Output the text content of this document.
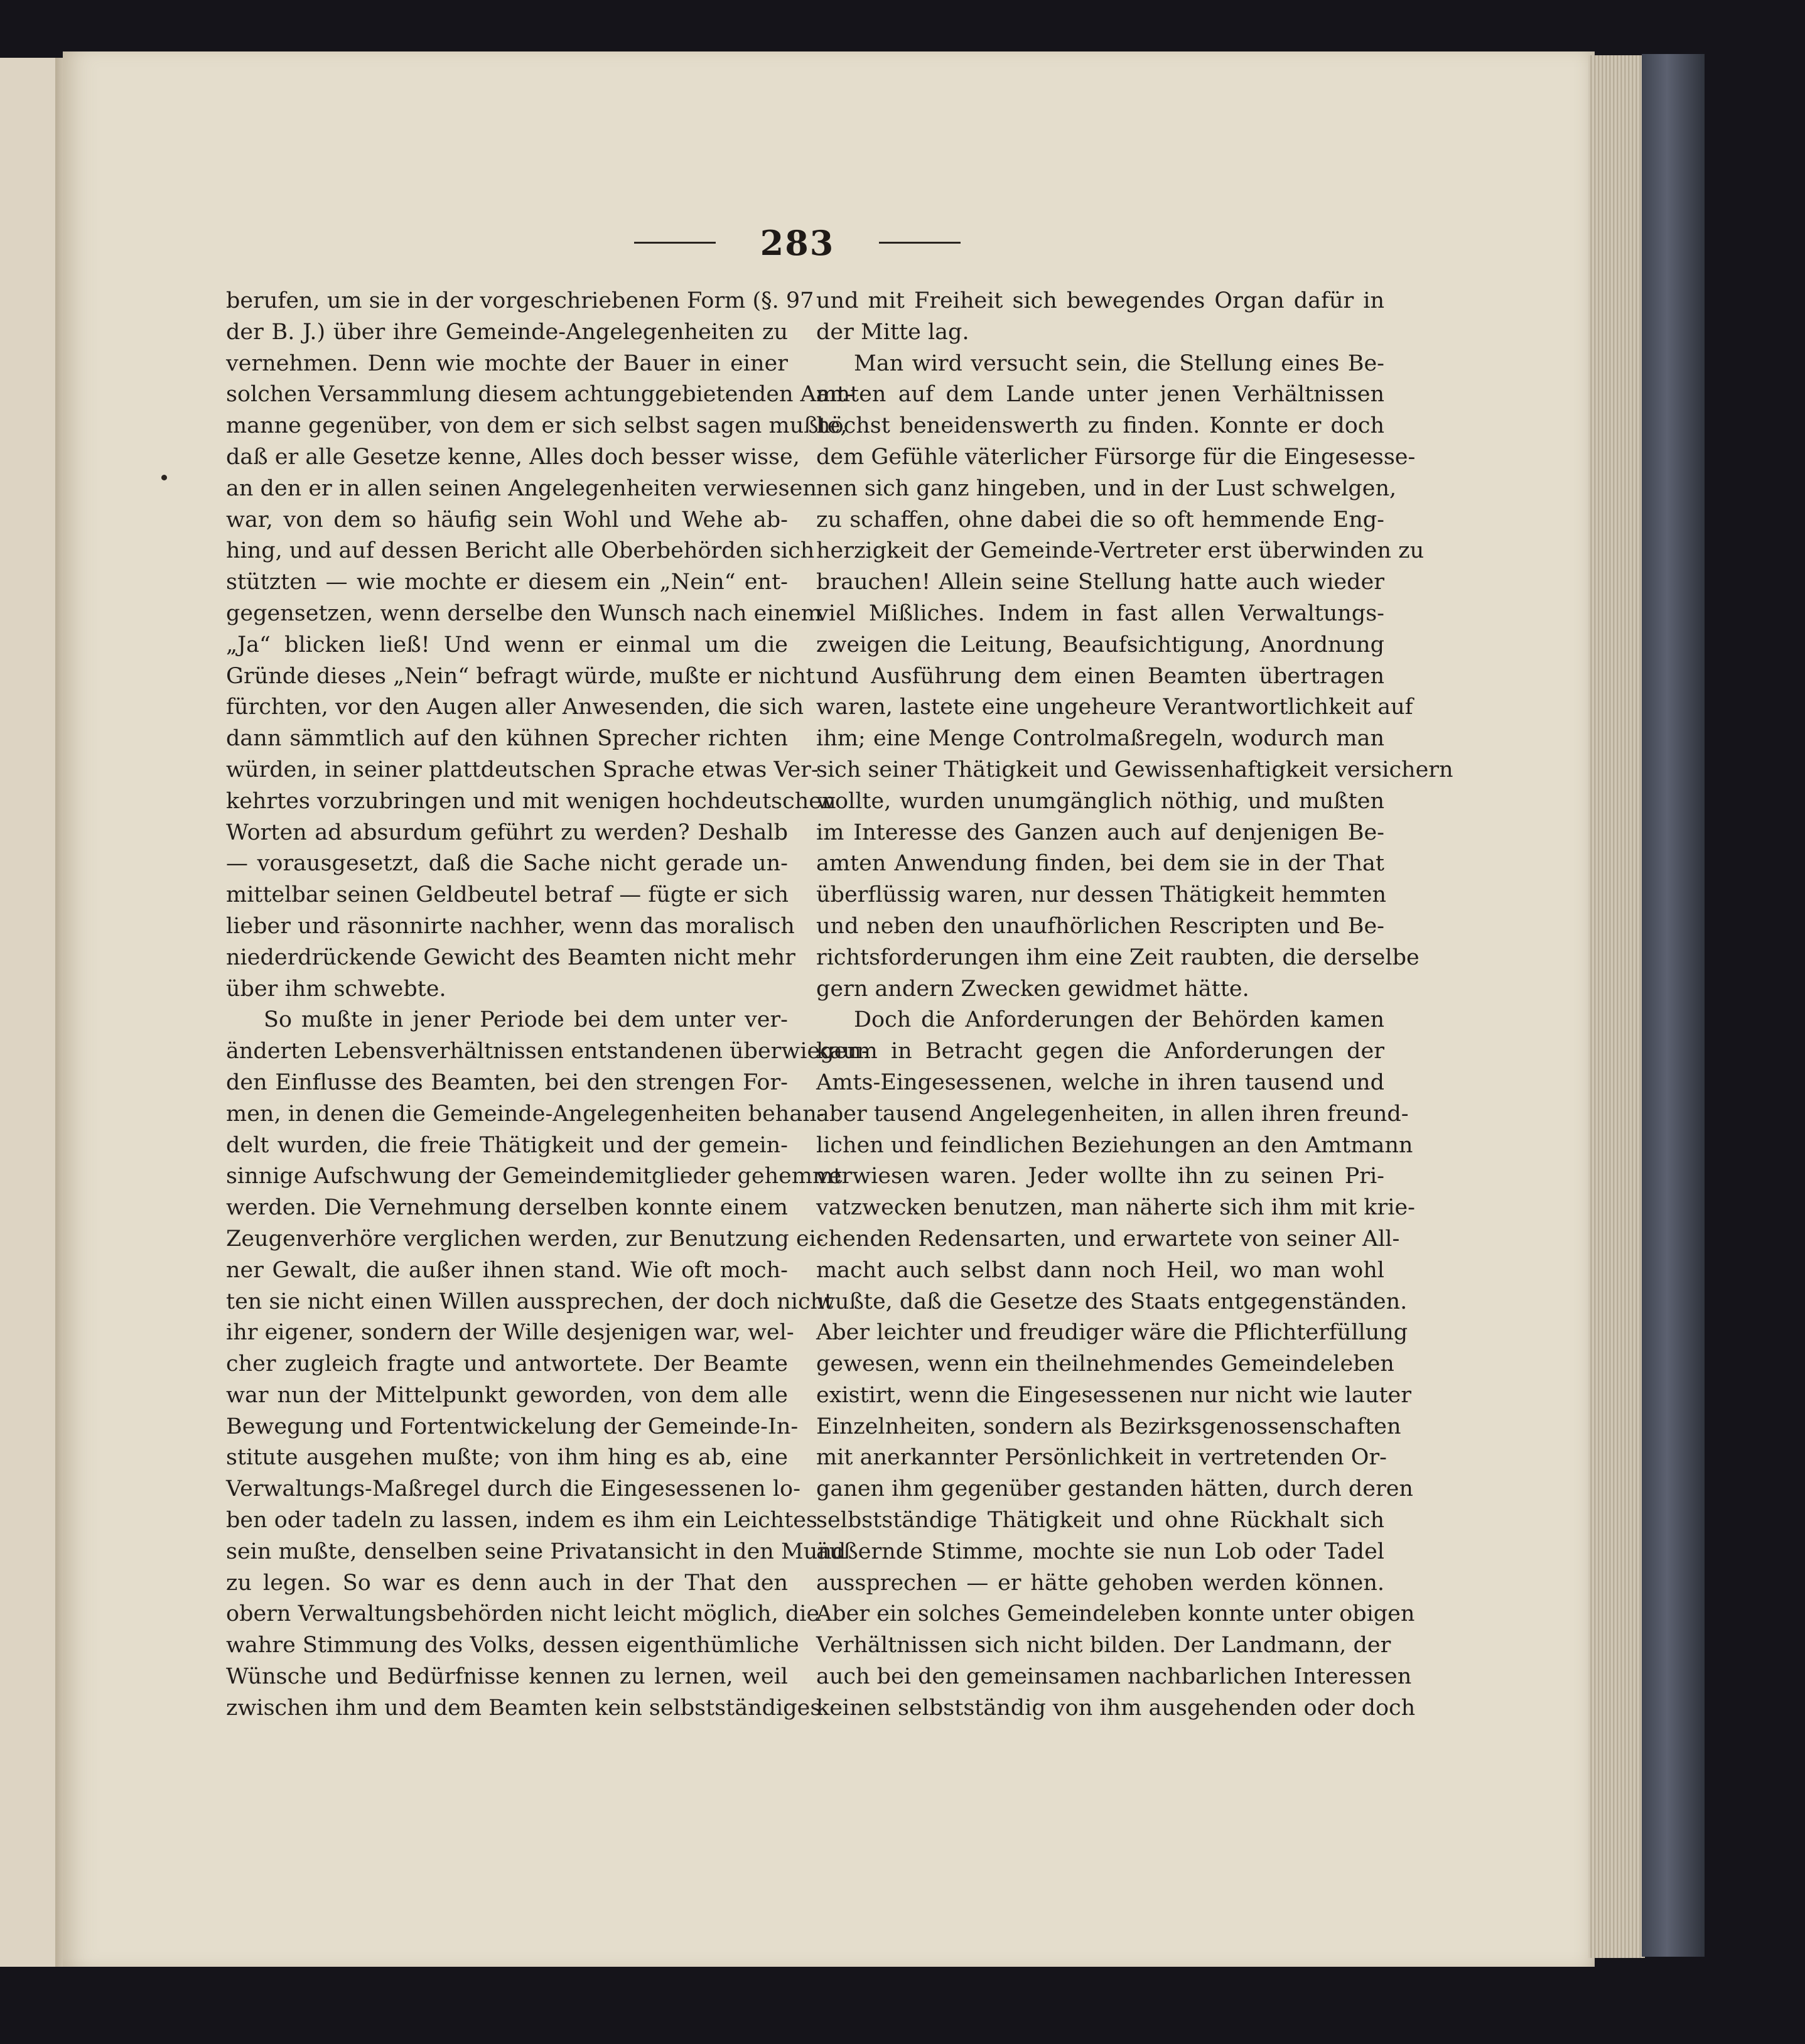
283
berufen, um sie in der vorgeschriebenen Form (§. 97
der B. J.) über ihre Gemeinde-Angelegenheiten zu
vernehmen. Denn wie mochte der Bauer in einer
solchen Versammlung diesem achtunggebietenden Amt-
manne gegenüber, von dem er sich selbst sagen mußte,
daß er alle Gesetze kenne, Alles doch besser wisse,
an den er in allen seinen Angelegenheiten verwiesen
war, von dem so häufig sein Wohl und Wehe ab-
hing, und auf dessen Bericht alle Oberbehörden sich
stützten — wie mochte er diesem ein „Nein“ ent-
gegensetzen, wenn derselbe den Wunsch nach einem
„Ja“ blicken ließ! Und wenn er einmal um die
Gründe dieses „Nein“ befragt würde, mußte er nicht
fürchten, vor den Augen aller Anwesenden, die sich
dann sämmtlich auf den kühnen Sprecher richten
würden, in seiner plattdeutschen Sprache etwas Ver-
kehrtes vorzubringen und mit wenigen hochdeutschen
Worten ad absurdum geführt zu werden? Deshalb
— vorausgesetzt, daß die Sache nicht gerade un-
mittelbar seinen Geldbeutel betraf — fügte er sich
lieber und räsonnirte nachher, wenn das moralisch
niederdrückende Gewicht des Beamten nicht mehr
über ihm schwebte.
So mußte in jener Periode bei dem unter ver-
änderten Lebensverhältnissen entstandenen überwiegen-
den Einflusse des Beamten, bei den strengen For-
men, in denen die Gemeinde-Angelegenheiten behan-
delt wurden, die freie Thätigkeit und der gemein-
sinnige Aufschwung der Gemeindemitglieder gehemmt
werden. Die Vernehmung derselben konnte einem
Zeugenverhöre verglichen werden, zur Benutzung ei-
ner Gewalt, die außer ihnen stand. Wie oft moch-
ten sie nicht einen Willen aussprechen, der doch nicht
ihr eigener, sondern der Wille desjenigen war, wel-
cher zugleich fragte und antwortete. Der Beamte
war nun der Mittelpunkt geworden, von dem alle
Bewegung und Fortentwickelung der Gemeinde-In-
stitute ausgehen mußte; von ihm hing es ab, eine
Verwaltungs-Maßregel durch die Eingesessenen lo-
ben oder tadeln zu lassen, indem es ihm ein Leichtes
sein mußte, denselben seine Privatansicht in den Mund
zu legen. So war es denn auch in der That den
obern Verwaltungsbehörden nicht leicht möglich, die
wahre Stimmung des Volks, dessen eigenthümliche
Wünsche und Bedürfnisse kennen zu lernen, weil
zwischen ihm und dem Beamten kein selbstständiges
und mit Freiheit sich bewegendes Organ dafür in
der Mitte lag.
Man wird versucht sein, die Stellung eines Be-
amten auf dem Lande unter jenen Verhältnissen
höchst beneidenswerth zu finden. Konnte er doch
dem Gefühle väterlicher Fürsorge für die Eingesesse-
nen sich ganz hingeben, und in der Lust schwelgen,
zu schaffen, ohne dabei die so oft hemmende Eng-
herzigkeit der Gemeinde-Vertreter erst überwinden zu
brauchen! Allein seine Stellung hatte auch wieder
viel Mißliches. Indem in fast allen Verwaltungs-
zweigen die Leitung, Beaufsichtigung, Anordnung
und Ausführung dem einen Beamten übertragen
waren, lastete eine ungeheure Verantwortlichkeit auf
ihm; eine Menge Controlmaßregeln, wodurch man
sich seiner Thätigkeit und Gewissenhaftigkeit versichern
wollte, wurden unumgänglich nöthig, und mußten
im Interesse des Ganzen auch auf denjenigen Be-
amten Anwendung finden, bei dem sie in der That
überflüssig waren, nur dessen Thätigkeit hemmten
und neben den unaufhörlichen Rescripten und Be-
richtsforderungen ihm eine Zeit raubten, die derselbe
gern andern Zwecken gewidmet hätte.
Doch die Anforderungen der Behörden kamen
kaum in Betracht gegen die Anforderungen der
Amts-Eingesessenen, welche in ihren tausend und
aber tausend Angelegenheiten, in allen ihren freund-
lichen und feindlichen Beziehungen an den Amtmann
verwiesen waren. Jeder wollte ihn zu seinen Pri-
vatzwecken benutzen, man näherte sich ihm mit krie-
chenden Redensarten, und erwartete von seiner All-
macht auch selbst dann noch Heil, wo man wohl
wußte, daß die Gesetze des Staats entgegenständen.
Aber leichter und freudiger wäre die Pflichterfüllung
gewesen, wenn ein theilnehmendes Gemeindeleben
existirt, wenn die Eingesessenen nur nicht wie lauter
Einzelnheiten, sondern als Bezirksgenossenschaften
mit anerkannter Persönlichkeit in vertretenden Or-
ganen ihm gegenüber gestanden hätten, durch deren
selbstständige Thätigkeit und ohne Rückhalt sich
äußernde Stimme, mochte sie nun Lob oder Tadel
aussprechen — er hätte gehoben werden können.
Aber ein solches Gemeindeleben konnte unter obigen
Verhältnissen sich nicht bilden. Der Landmann, der
auch bei den gemeinsamen nachbarlichen Interessen
keinen selbstständig von ihm ausgehenden oder doch
